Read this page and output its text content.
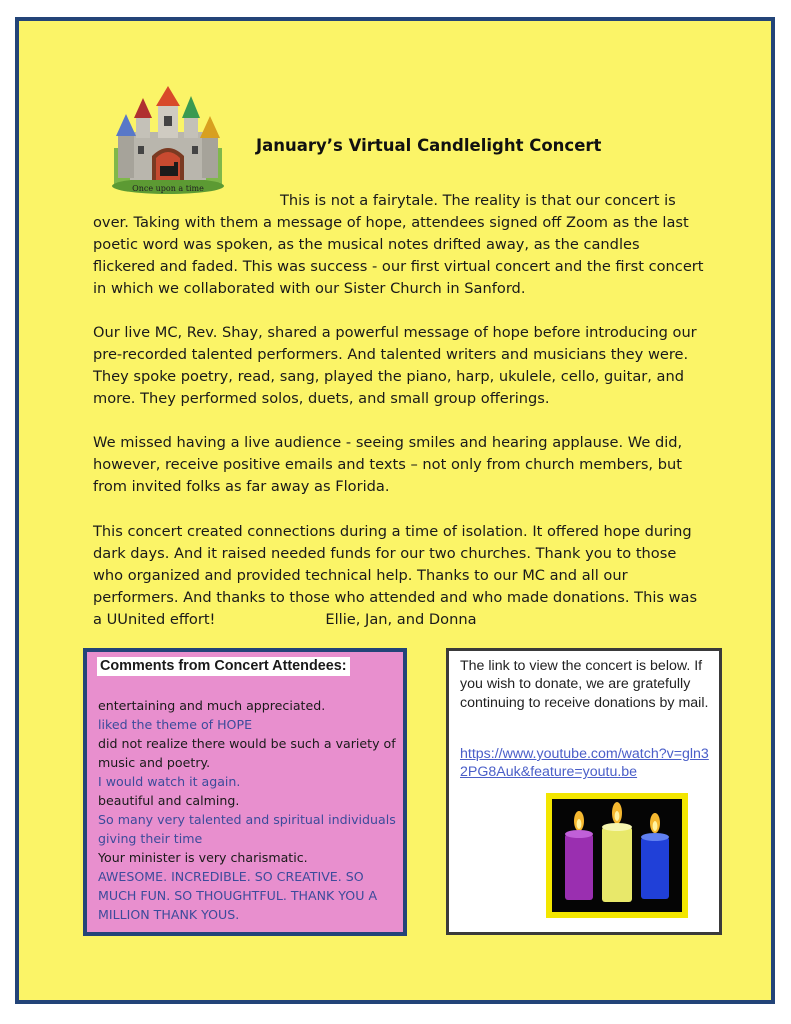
Once upon a time
January’s Virtual Candlelight Concert

This is not a fairytale. The reality is that our concert is over. Taking with them a message of hope, attendees signed off Zoom as the last poetic word was spoken, as the musical notes drifted away, as the candles flickered and faded. This was success - our first virtual concert and the first concert in which we collaborated with our Sister Church in Sanford.

Our live MC, Rev. Shay, shared a powerful message of hope before introducing our pre-recorded talented performers. And talented writers and musicians they were. They spoke poetry, read, sang, played the piano, harp, ukulele, cello, guitar, and more. They performed solos, duets, and small group offerings.

We missed having a live audience - seeing smiles and hearing applause. We did, however, receive positive emails and texts – not only from church members, but from invited folks as far away as Florida.

This concert created connections during a time of isolation. It offered hope during dark days. And it raised needed funds for our two churches. Thank you to those who organized and provided technical help. Thanks to our MC and all our performers. And thanks to those who attended and who made donations. This was a UUnited effort!	Ellie, Jan, and Donna

Comments from Concert Attendees:
entertaining and much appreciated.
liked the theme of HOPE
did not realize there would be such a variety of music and poetry.
I would watch it again.
beautiful and calming.
So many very talented and spiritual individuals giving their time
Your minister is very charismatic.
AWESOME. INCREDIBLE. SO CREATIVE. SO MUCH FUN. SO THOUGHTFUL. THANK YOU A MILLION THANK YOUS.
The link to view the concert is below. If you wish to donate, we are gratefully continuing to receive donations by mail.
https://www.youtube.com/watch?v=gln32PG8Auk&feature=youtu.be
